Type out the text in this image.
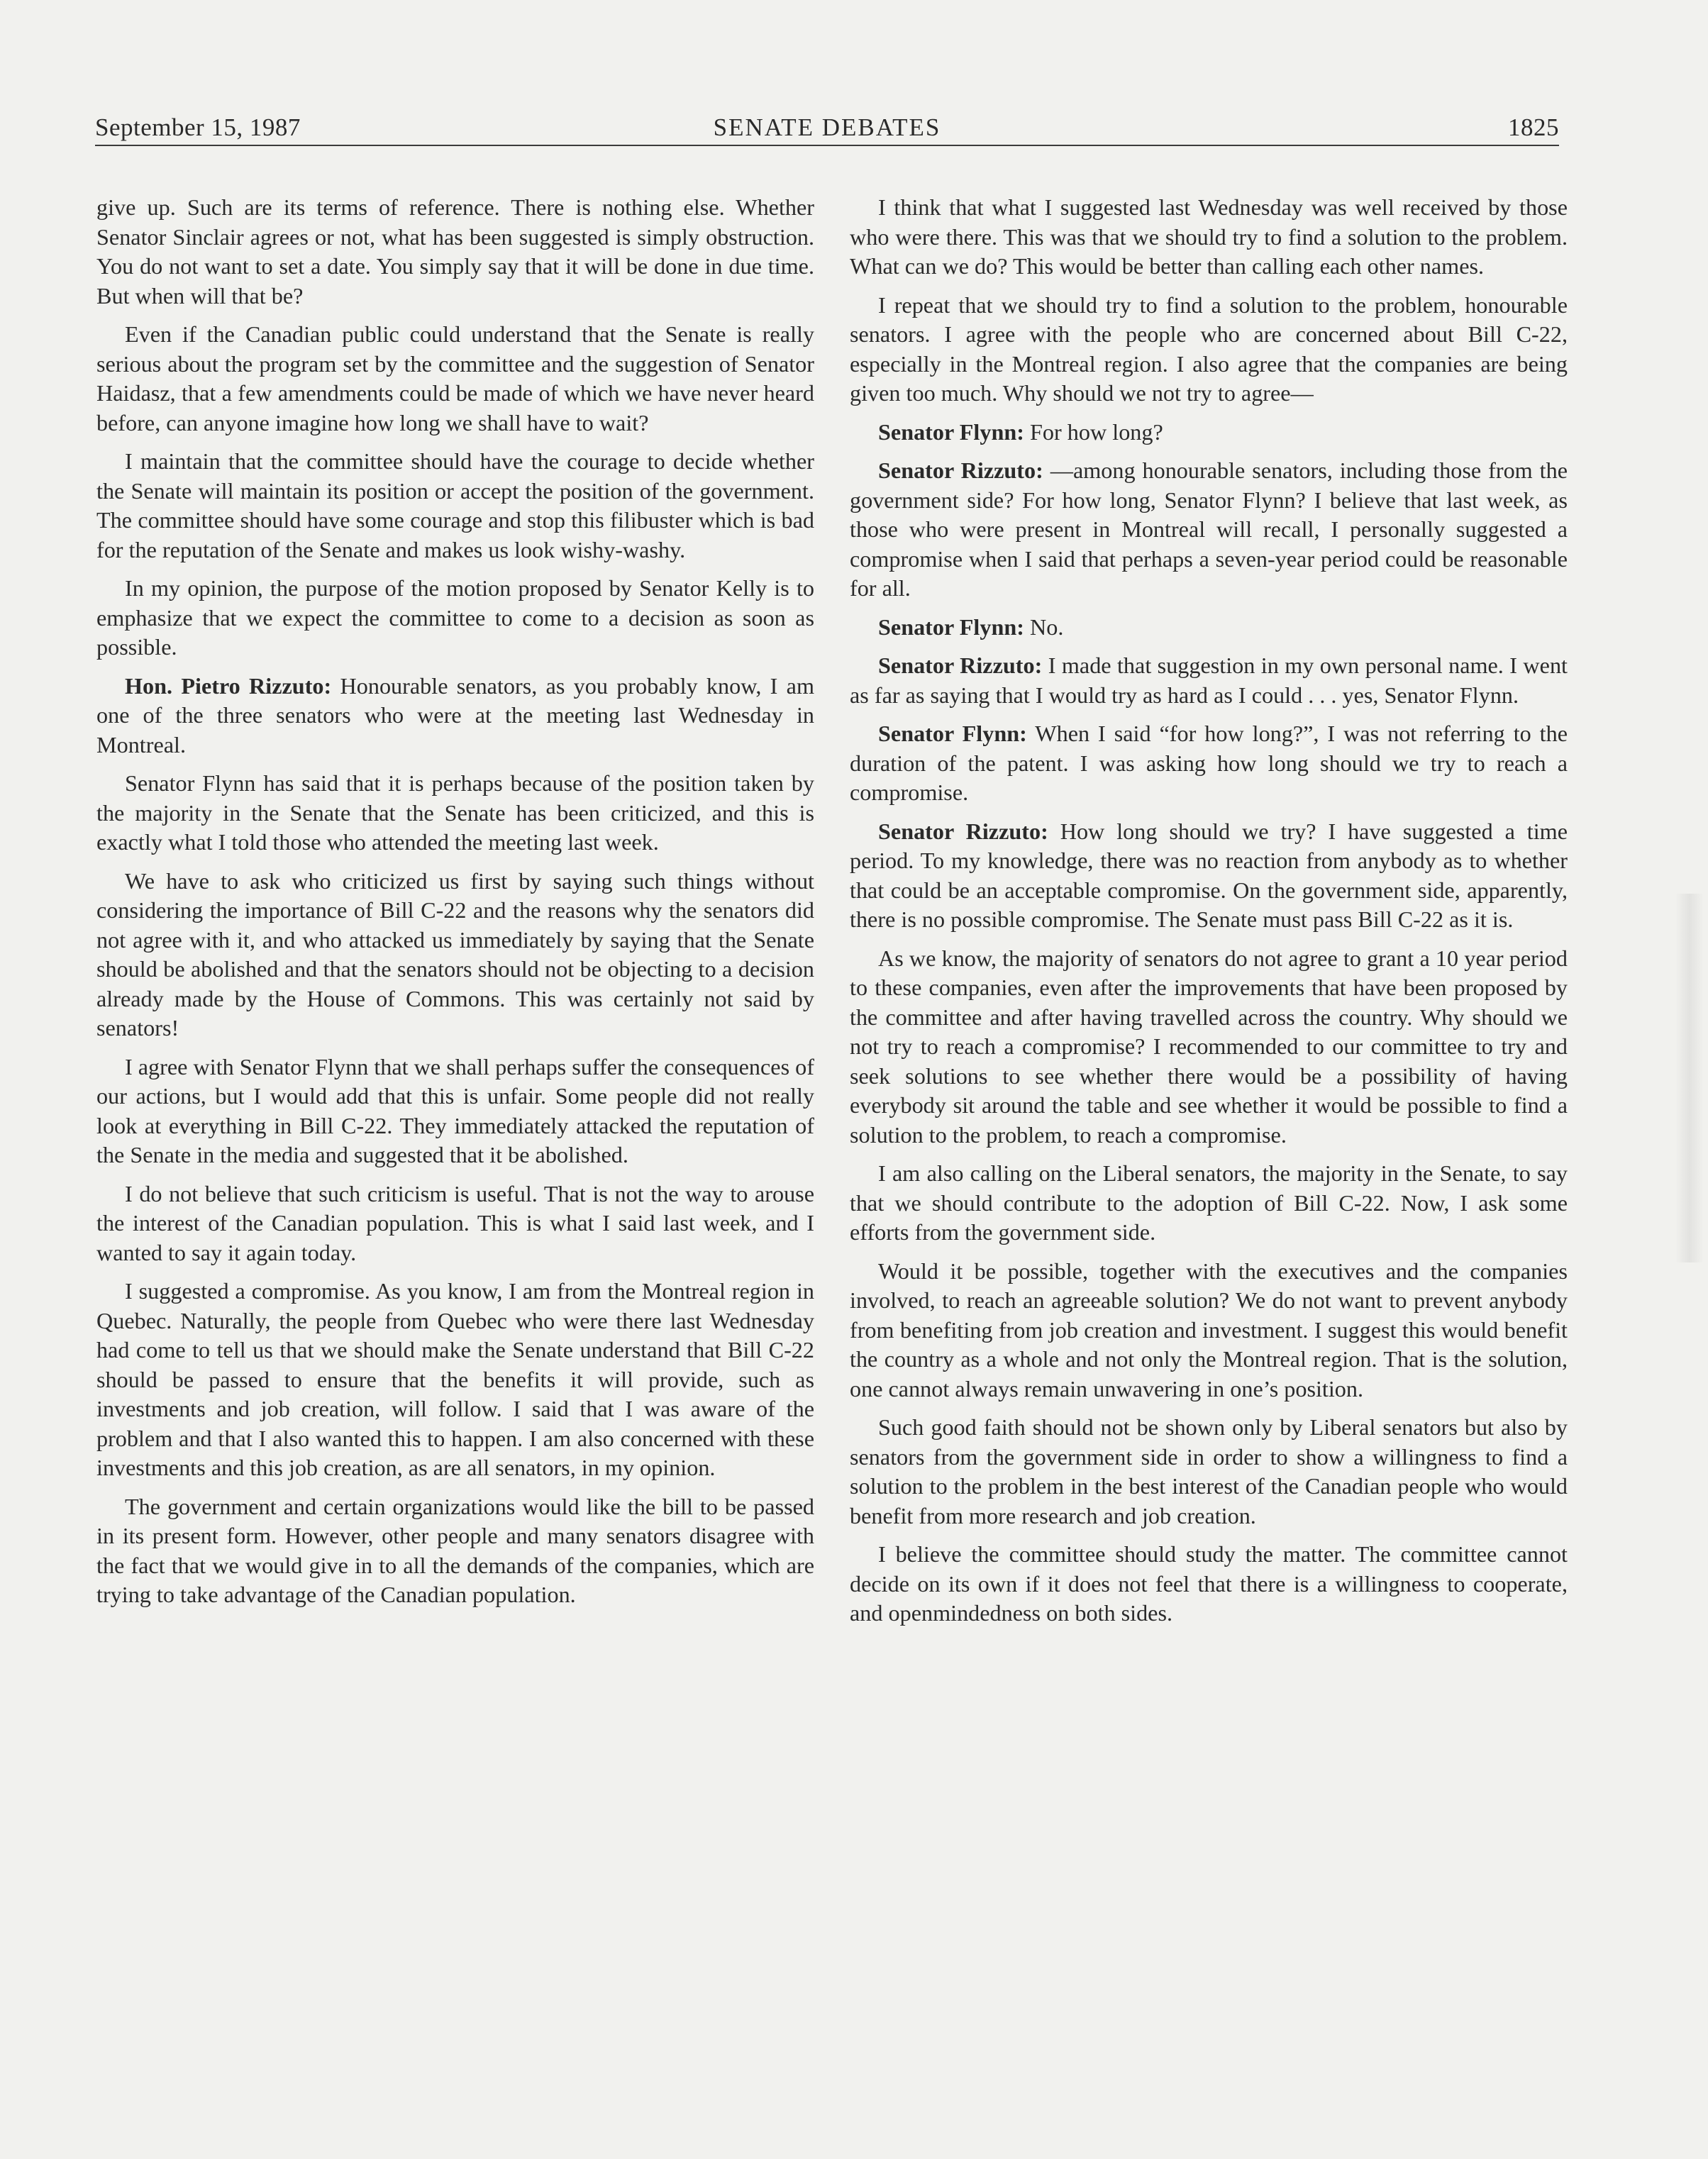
September 15, 1987	SENATE DEBATES	1825

give up. Such are its terms of reference. There is nothing else. Whether Senator Sinclair agrees or not, what has been suggested is simply obstruction. You do not want to set a date. You simply say that it will be done in due time. But when will that be?

Even if the Canadian public could understand that the Senate is really serious about the program set by the committee and the suggestion of Senator Haidasz, that a few amendments could be made of which we have never heard before, can anyone imagine how long we shall have to wait?

I maintain that the committee should have the courage to decide whether the Senate will maintain its position or accept the position of the government. The committee should have some courage and stop this filibuster which is bad for the reputation of the Senate and makes us look wishy-washy.

In my opinion, the purpose of the motion proposed by Senator Kelly is to emphasize that we expect the committee to come to a decision as soon as possible.

Hon. Pietro Rizzuto: Honourable senators, as you probably know, I am one of the three senators who were at the meeting last Wednesday in Montreal.

Senator Flynn has said that it is perhaps because of the position taken by the majority in the Senate that the Senate has been criticized, and this is exactly what I told those who attended the meeting last week.

We have to ask who criticized us first by saying such things without considering the importance of Bill C-22 and the reasons why the senators did not agree with it, and who attacked us immediately by saying that the Senate should be abolished and that the senators should not be objecting to a decision already made by the House of Commons. This was certainly not said by senators!

I agree with Senator Flynn that we shall perhaps suffer the consequences of our actions, but I would add that this is unfair. Some people did not really look at everything in Bill C-22. They immediately attacked the reputation of the Senate in the media and suggested that it be abolished.

I do not believe that such criticism is useful. That is not the way to arouse the interest of the Canadian population. This is what I said last week, and I wanted to say it again today.

I suggested a compromise. As you know, I am from the Montreal region in Quebec. Naturally, the people from Quebec who were there last Wednesday had come to tell us that we should make the Senate understand that Bill C-22 should be passed to ensure that the benefits it will provide, such as investments and job creation, will follow. I said that I was aware of the problem and that I also wanted this to happen. I am also concerned with these investments and this job creation, as are all senators, in my opinion.

The government and certain organizations would like the bill to be passed in its present form. However, other people and many senators disagree with the fact that we would give in to all the demands of the companies, which are trying to take advantage of the Canadian population.

I think that what I suggested last Wednesday was well received by those who were there. This was that we should try to find a solution to the problem. What can we do? This would be better than calling each other names.

I repeat that we should try to find a solution to the problem, honourable senators. I agree with the people who are concerned about Bill C-22, especially in the Montreal region. I also agree that the companies are being given too much. Why should we not try to agree—

Senator Flynn: For how long?

Senator Rizzuto: —among honourable senators, including those from the government side? For how long, Senator Flynn? I believe that last week, as those who were present in Montreal will recall, I personally suggested a compromise when I said that perhaps a seven-year period could be reasonable for all.

Senator Flynn: No.

Senator Rizzuto: I made that suggestion in my own personal name. I went as far as saying that I would try as hard as I could . . . yes, Senator Flynn.

Senator Flynn: When I said “for how long?”, I was not referring to the duration of the patent. I was asking how long should we try to reach a compromise.

Senator Rizzuto: How long should we try? I have suggested a time period. To my knowledge, there was no reaction from anybody as to whether that could be an acceptable compromise. On the government side, apparently, there is no possible compromise. The Senate must pass Bill C-22 as it is.

As we know, the majority of senators do not agree to grant a 10 year period to these companies, even after the improvements that have been proposed by the committee and after having travelled across the country. Why should we not try to reach a compromise? I recommended to our committee to try and seek solutions to see whether there would be a possibility of having everybody sit around the table and see whether it would be possible to find a solution to the problem, to reach a compromise.

I am also calling on the Liberal senators, the majority in the Senate, to say that we should contribute to the adoption of Bill C-22. Now, I ask some efforts from the government side.

Would it be possible, together with the executives and the companies involved, to reach an agreeable solution? We do not want to prevent anybody from benefiting from job creation and investment. I suggest this would benefit the country as a whole and not only the Montreal region. That is the solution, one cannot always remain unwavering in one’s position.

Such good faith should not be shown only by Liberal senators but also by senators from the government side in order to show a willingness to find a solution to the problem in the best interest of the Canadian people who would benefit from more research and job creation.

I believe the committee should study the matter. The committee cannot decide on its own if it does not feel that there is a willingness to cooperate, and openmindedness on both sides.
